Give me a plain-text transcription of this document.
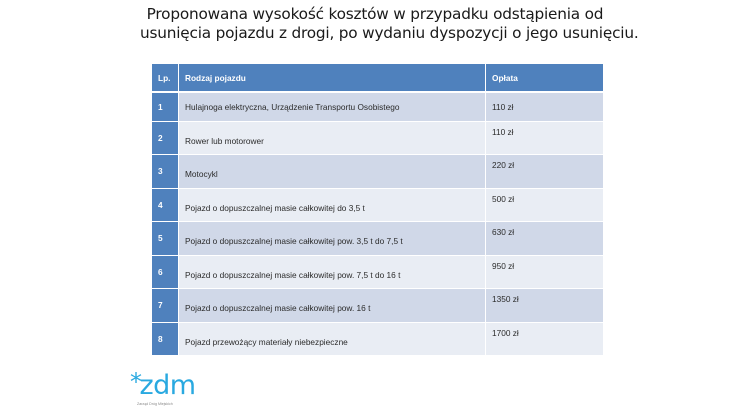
Proponowana wysokość kosztów w przypadku odstąpienia od
usunięcia pojazdu z drogi, po wydaniu dyspozycji o jego usunięciu.
Lp.	Rodzaj pojazdu	Opłata
1	Hulajnoga elektryczna, Urządzenie Transportu Osobistego	110 zł
2	Rower lub motorower	110 zł
3	Motocykl	220 zł
4	Pojazd o dopuszczalnej masie całkowitej do 3,5 t	500 zł
5	Pojazd o dopuszczalnej masie całkowitej pow. 3,5 t do 7,5 t	630 zł
6	Pojazd o dopuszczalnej masie całkowitej pow. 7,5 t do 16 t	950 zł
7	Pojazd o dopuszczalnej masie całkowitej pow. 16 t	1350 zł
8	Pojazd przewożący materiały niebezpieczne	1700 zł
*zdm
Zarząd Dróg Miejskich
